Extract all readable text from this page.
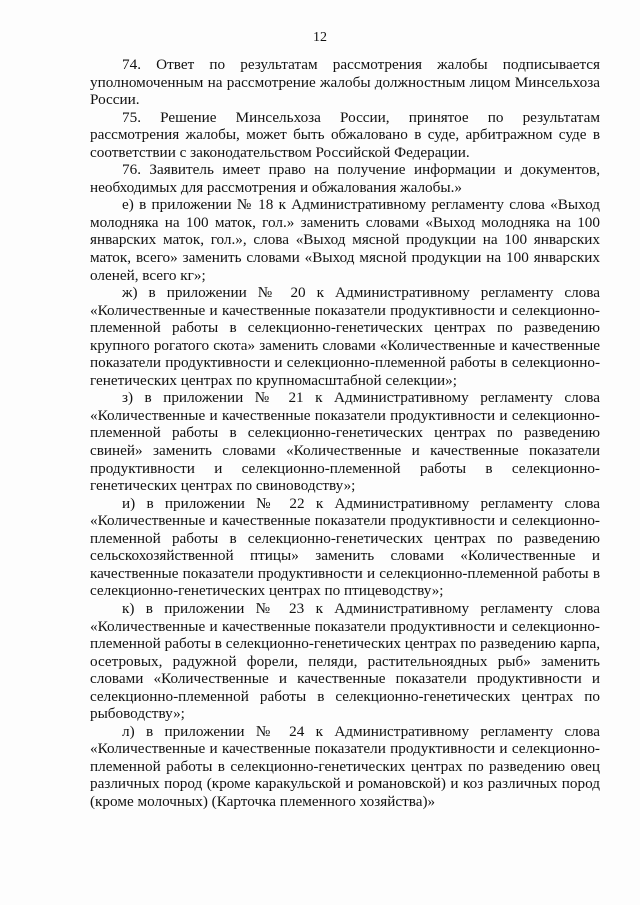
12

74. Ответ по результатам рассмотрения жалобы подписывается уполномоченным на рассмотрение жалобы должностным лицом Минсельхоза России.

75. Решение Минсельхоза России, принятое по результатам рассмотрения жалобы, может быть обжаловано в суде, арбитражном суде в соответствии с законодательством Российской Федерации.

76. Заявитель имеет право на получение информации и документов, необходимых для рассмотрения и обжалования жалобы.»

е) в приложении № 18 к Административному регламенту слова «Выход молодняка на 100 маток, гол.» заменить словами «Выход молодняка на 100 январских маток, гол.», слова «Выход мясной продукции на 100 январских маток, всего» заменить словами «Выход мясной продукции на 100 январских оленей, всего кг»;

ж) в приложении № 20 к Административному регламенту слова «Количественные и качественные показатели продуктивности и селекционно-племенной работы в селекционно-генетических центрах по разведению крупного рогатого скота» заменить словами «Количественные и качественные показатели продуктивности и селекционно-племенной работы в селекционно-генетических центрах по крупномасштабной селекции»;

з) в приложении № 21 к Административному регламенту слова «Количественные и качественные показатели продуктивности и селекционно-племенной работы в селекционно-генетических центрах по разведению свиней» заменить словами «Количественные и качественные показатели продуктивности и селекционно-племенной работы в селекционно-генетических центрах по свиноводству»;

и) в приложении № 22 к Административному регламенту слова «Количественные и качественные показатели продуктивности и селекционно-племенной работы в селекционно-генетических центрах по разведению сельскохозяйственной птицы» заменить словами «Количественные и качественные показатели продуктивности и селекционно-племенной работы в селекционно-генетических центрах по птицеводству»;

к) в приложении № 23 к Административному регламенту слова «Количественные и качественные показатели продуктивности и селекционно-племенной работы в селекционно-генетических центрах по разведению карпа, осетровых, радужной форели, пеляди, растительноядных рыб» заменить словами «Количественные и качественные показатели продуктивности и селекционно-племенной работы в селекционно-генетических центрах по рыбоводству»;

л) в приложении № 24 к Административному регламенту слова «Количественные и качественные показатели продуктивности и селекционно-племенной работы в селекционно-генетических центрах по разведению овец различных пород (кроме каракульской и романовской) и коз различных пород (кроме молочных) (Карточка племенного хозяйства)»
